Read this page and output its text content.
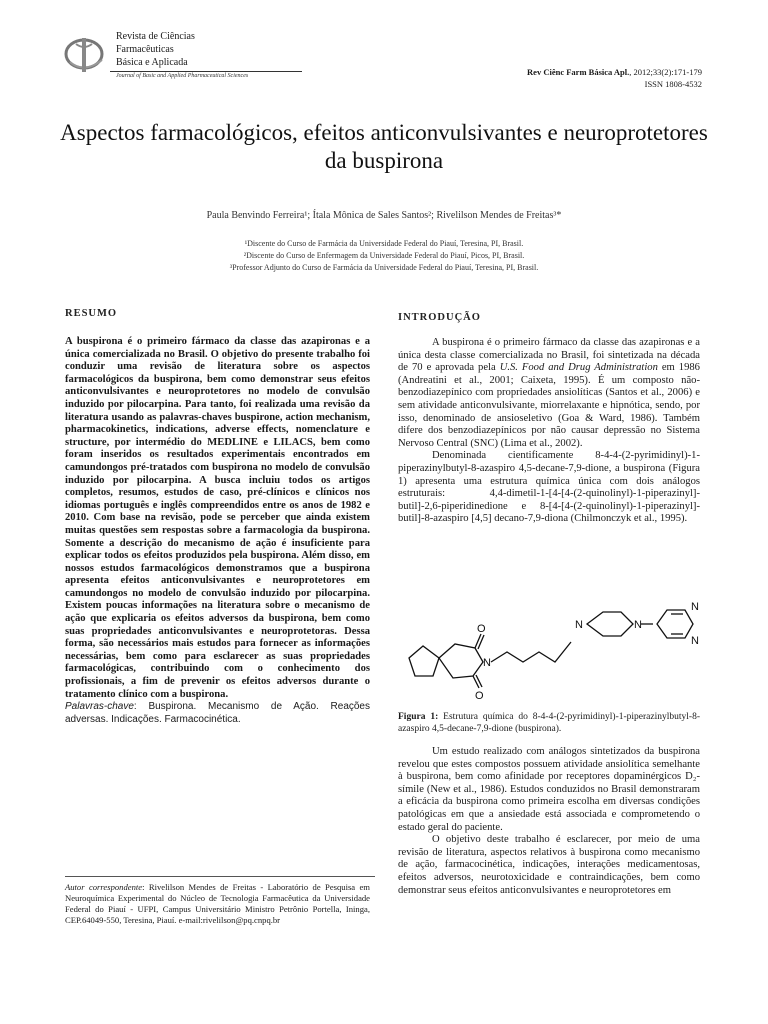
Revista de Ciências
Farmacêuticas
Básica e Aplicada
Journal of Basic and Applied Pharmaceutical Sciences	Rev Ciênc Farm Básica Apl., 2012;33(2):171-179
ISSN 1808-4532
Aspectos farmacológicos, efeitos anticonvulsivantes e neuroprotetores da buspirona
Paula Benvindo Ferreira¹; Ítala Mônica de Sales Santos²; Rivelilson Mendes de Freitas³*
¹Discente do Curso de Farmácia da Universidade Federal do Piauí, Teresina, PI, Brasil.
²Discente do Curso de Enfermagem da Universidade Federal do Piauí, Picos, PI, Brasil.
³Professor Adjunto do Curso de Farmácia da Universidade Federal do Piauí, Teresina, PI, Brasil.
RESUMO

A buspirona é o primeiro fármaco da classe das azapironas e a única comercializada no Brasil. O objetivo do presente trabalho foi conduzir uma revisão de literatura sobre os aspectos farmacológicos da buspirona, bem como demonstrar seus efeitos anticonvulsivantes e neuroprotetores no modelo de convulsão induzido por pilocarpina. Para tanto, foi realizada uma revisão da literatura usando as palavras-chaves buspirone, action mechanism, pharmacokinetics, indications, adverse effects, nomenclature e structure, por intermédio do MEDLINE e LILACS, bem como foram inseridos os resultados experimentais encontrados em camundongos pré-tratados com buspirona no modelo de convulsão induzido por pilocarpina. A busca incluiu todos os artigos completos, resumos, estudos de caso, pré-clínicos e clínicos nos idiomas português e inglês compreendidos entre os anos de 1982 e 2010. Com base na revisão, pode se perceber que ainda existem muitas questões sem respostas sobre a farmacologia da buspirona. Somente a descrição do mecanismo de ação é insuficiente para explicar todos os efeitos produzidos pela buspirona. Além disso, em nossos estudos farmacológicos demonstramos que a buspirona apresenta efeitos anticonvulsivantes e neuroprotetores em camundongos no modelo de convulsão induzido por pilocarpina. Existem poucas informações na literatura sobre o mecanismo de ação que explicaria os efeitos adversos da buspirona, bem como suas propriedades anticonvulsivantes e neuroprotetoras. Dessa forma, são necessários mais estudos para fornecer as informações necessárias, bem como para esclarecer as suas propriedades farmacológicas, contribuindo com o conhecimento dos profissionais, a fim de prevenir os efeitos adversos durante o tratamento clínico com a buspirona.

Palavras-chave: Buspirona. Mecanismo de Ação. Reações adversas. Indicações. Farmacocinética.

Autor correspondente: Rivelilson Mendes de Freitas - Laboratório de Pesquisa em Neuroquímica Experimental do Núcleo de Tecnologia Farmacêutica da Universidade Federal do Piauí - UFPI, Campus Universitário Ministro Petrônio Portella, Ininga, CEP.64049-550, Teresina, Piauí. e-mail:rivelilson@pq.cnpq.br
INTRODUÇÃO

A buspirona é o primeiro fármaco da classe das azapironas e a única desta classe comercializada no Brasil, foi sintetizada na década de 70 e aprovada pela U.S. Food and Drug Administration em 1986 (Andreatini et al., 2001; Caixeta, 1995). É um composto não-benzodiazepínico com propriedades ansiolíticas (Santos et al., 2006) e sem atividade anticonvulsivante, miorrelaxante e hipnótica, sendo, por isso, denominado de ansioseletivo (Goa & Ward, 1986). Também difere dos benzodiazepínicos por não causar depressão no Sistema Nervoso Central (SNC) (Lima et al., 2002).

Denominada cientificamente 8-4-4-(2-pyrimidinyl)-1-piperazinylbutyl-8-azaspiro 4,5-decane-7,9-dione, a buspirona (Figura 1) apresenta uma estrutura química única com dois análogos estruturais: 4,4-dimetil-1-[4-[4-(2-quinolinyl)-1-piperazinyl]-butil]-2,6-piperidinedione e 8-[4-[4-(2-quinolinyl)-1-piperazinyl]-butil]-8-azaspiro [4,5] decano-7,9-diona (Chilmonczyk et al., 1995).

O
O
N
N	N
N
N
Figura 1: Estrutura química do 8-4-4-(2-pyrimidinyl)-1-piperazinylbutyl-8-azaspiro 4,5-decane-7,9-dione (buspirona).

Um estudo realizado com análogos sintetizados da buspirona revelou que estes compostos possuem atividade ansiolítica semelhante à buspirona, bem como afinidade por receptores dopaminérgicos D₂-símile (New et al., 1986). Estudos conduzidos no Brasil demonstraram a eficácia da buspirona como primeira escolha em diversas condições patológicas em que a ansiedade está associada e comprometendo o estado geral do paciente.

O objetivo deste trabalho é esclarecer, por meio de uma revisão de literatura, aspectos relativos à buspirona como mecanismo de ação, farmacocinética, indicações, interações medicamentosas, efeitos adversos, neurotoxicidade e contraindicações, bem como demonstrar seus efeitos anticonvulsivantes e neuroprotetores em
